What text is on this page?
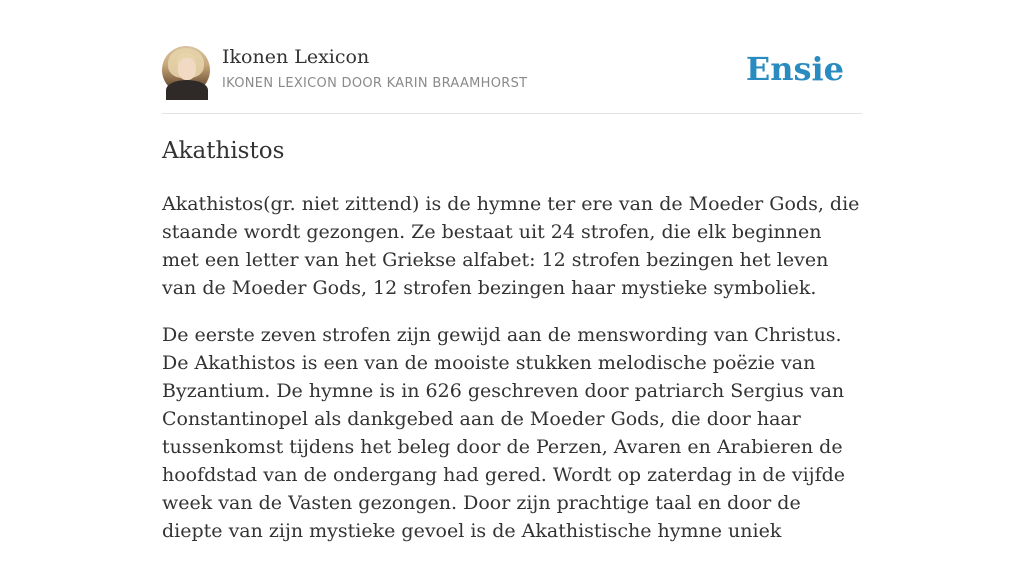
Ikonen Lexicon
IKONEN LEXICON DOOR KARIN BRAAMHORST	Ensie
Akathistos

Akathistos(gr. niet zittend) is de hymne ter ere van de Moeder Gods, die staande wordt gezongen. Ze bestaat uit 24 strofen, die elk beginnen met een letter van het Griekse alfabet: 12 strofen bezingen het leven van de Moeder Gods, 12 strofen bezingen haar mystieke symboliek.

De eerste zeven strofen zijn gewijd aan de menswording van Christus. De Akathistos is een van de mooiste stukken melodische poëzie van Byzantium. De hymne is in 626 geschreven door patriarch Sergius van Constantinopel als dankgebed aan de Moeder Gods, die door haar tussenkomst tijdens het beleg door de Perzen, Avaren en Arabieren de hoofdstad van de ondergang had gered. Wordt op zaterdag in de vijfde week van de Vasten gezongen. Door zijn prachtige taal en door de diepte van zijn mystieke gevoel is de Akathistische hymne uniek
